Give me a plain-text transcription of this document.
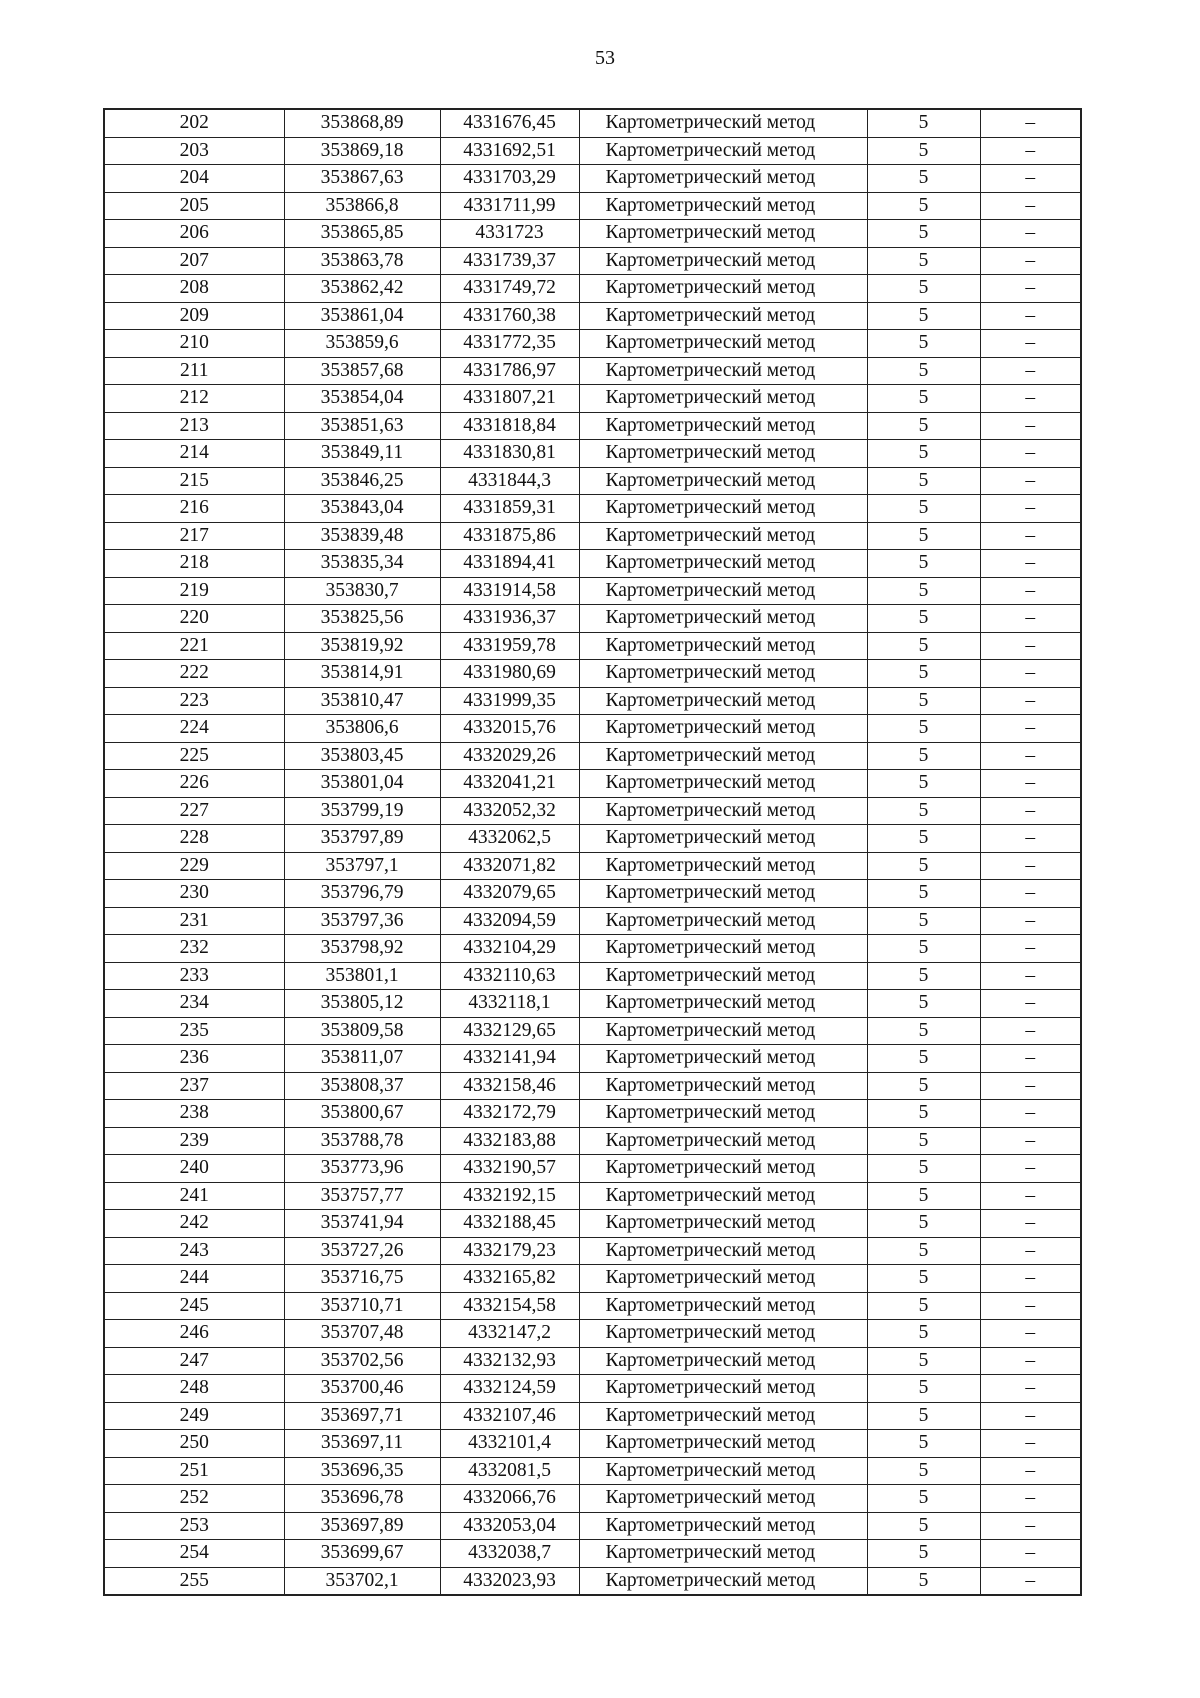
53
202	353868,89	4331676,45	Картометрический метод	5	–
203	353869,18	4331692,51	Картометрический метод	5	–
204	353867,63	4331703,29	Картометрический метод	5	–
205	353866,8	4331711,99	Картометрический метод	5	–
206	353865,85	4331723	Картометрический метод	5	–
207	353863,78	4331739,37	Картометрический метод	5	–
208	353862,42	4331749,72	Картометрический метод	5	–
209	353861,04	4331760,38	Картометрический метод	5	–
210	353859,6	4331772,35	Картометрический метод	5	–
211	353857,68	4331786,97	Картометрический метод	5	–
212	353854,04	4331807,21	Картометрический метод	5	–
213	353851,63	4331818,84	Картометрический метод	5	–
214	353849,11	4331830,81	Картометрический метод	5	–
215	353846,25	4331844,3	Картометрический метод	5	–
216	353843,04	4331859,31	Картометрический метод	5	–
217	353839,48	4331875,86	Картометрический метод	5	–
218	353835,34	4331894,41	Картометрический метод	5	–
219	353830,7	4331914,58	Картометрический метод	5	–
220	353825,56	4331936,37	Картометрический метод	5	–
221	353819,92	4331959,78	Картометрический метод	5	–
222	353814,91	4331980,69	Картометрический метод	5	–
223	353810,47	4331999,35	Картометрический метод	5	–
224	353806,6	4332015,76	Картометрический метод	5	–
225	353803,45	4332029,26	Картометрический метод	5	–
226	353801,04	4332041,21	Картометрический метод	5	–
227	353799,19	4332052,32	Картометрический метод	5	–
228	353797,89	4332062,5	Картометрический метод	5	–
229	353797,1	4332071,82	Картометрический метод	5	–
230	353796,79	4332079,65	Картометрический метод	5	–
231	353797,36	4332094,59	Картометрический метод	5	–
232	353798,92	4332104,29	Картометрический метод	5	–
233	353801,1	4332110,63	Картометрический метод	5	–
234	353805,12	4332118,1	Картометрический метод	5	–
235	353809,58	4332129,65	Картометрический метод	5	–
236	353811,07	4332141,94	Картометрический метод	5	–
237	353808,37	4332158,46	Картометрический метод	5	–
238	353800,67	4332172,79	Картометрический метод	5	–
239	353788,78	4332183,88	Картометрический метод	5	–
240	353773,96	4332190,57	Картометрический метод	5	–
241	353757,77	4332192,15	Картометрический метод	5	–
242	353741,94	4332188,45	Картометрический метод	5	–
243	353727,26	4332179,23	Картометрический метод	5	–
244	353716,75	4332165,82	Картометрический метод	5	–
245	353710,71	4332154,58	Картометрический метод	5	–
246	353707,48	4332147,2	Картометрический метод	5	–
247	353702,56	4332132,93	Картометрический метод	5	–
248	353700,46	4332124,59	Картометрический метод	5	–
249	353697,71	4332107,46	Картометрический метод	5	–
250	353697,11	4332101,4	Картометрический метод	5	–
251	353696,35	4332081,5	Картометрический метод	5	–
252	353696,78	4332066,76	Картометрический метод	5	–
253	353697,89	4332053,04	Картометрический метод	5	–
254	353699,67	4332038,7	Картометрический метод	5	–
255	353702,1	4332023,93	Картометрический метод	5	–
